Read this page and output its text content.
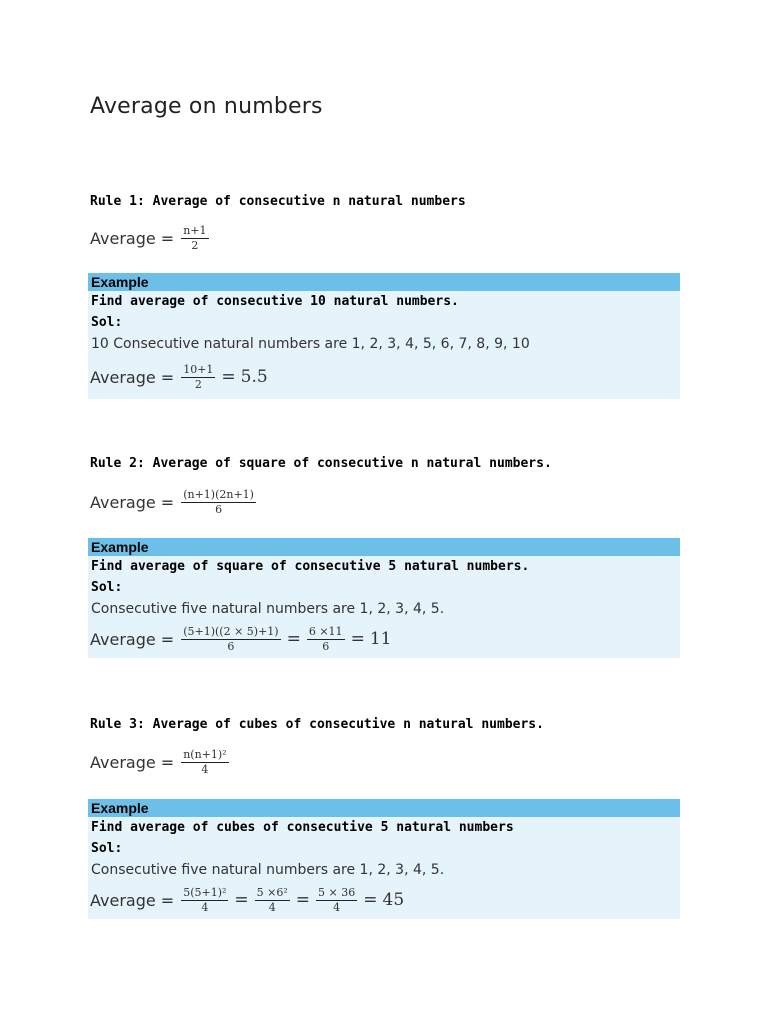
Average on numbers
Rule 1: Average of consecutive n natural numbers
Average = $\frac{n+1}{2}$
Example
Find average of consecutive 10 natural numbers.
Sol:
10 Consecutive natural numbers are 1, 2, 3, 4, 5, 6, 7, 8, 9, 10
Average = $\frac{10+1}{2} = 5.5$
Rule 2: Average of square of consecutive n natural numbers.
Average = $\frac{(n+1)(2n+1)}{6}$
Example
Find average of square of consecutive 5 natural numbers.
Sol:
Consecutive five natural numbers are 1, 2, 3, 4, 5.
Average = $\frac{(5+1)((2 \times 5)+1)}{6} = \frac{6 \times 11}{6} = 11$
Rule 3: Average of cubes of consecutive n natural numbers.
Average = $\frac{\text{n(n+1)²}}{4}$
Example
Find average of cubes of consecutive 5 natural numbers
Sol:
Consecutive five natural numbers are 1, 2, 3, 4, 5.
Average = $\frac{\text{5(5+1)²}}{4} = \frac{\text{5 ×6²}}{4} = \frac{5 \times 36}{4} = 45$
